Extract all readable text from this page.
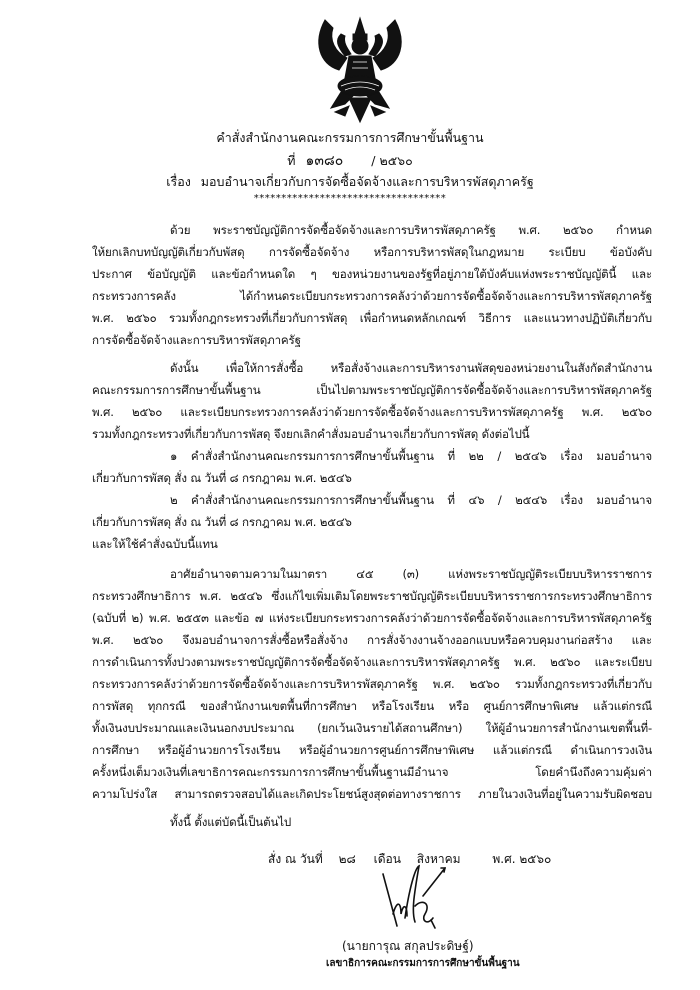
คำสั่งสำนักงานคณะกรรมการการศึกษาขั้นพื้นฐาน
ที่ ๑๓๘๐ / ๒๕๖๐
เรื่อง มอบอำนาจเกี่ยวกับการจัดซื้อจัดจ้างและการบริหารพัสดุภาครัฐ
***********************************
ด้วย พระราชบัญญัติการจัดซื้อจัดจ้างและการบริหารพัสดุภาครัฐ พ.ศ. ๒๕๖๐ กำหนด
ให้ยกเลิกบทบัญญัติเกี่ยวกับพัสดุ การจัดซื้อจัดจ้าง หรือการบริหารพัสดุในกฎหมาย ระเบียบ ข้อบังคับ
ประกาศ ข้อบัญญัติ และข้อกำหนดใด ๆ ของหน่วยงานของรัฐที่อยู่ภายใต้บังคับแห่งพระราชบัญญัตินี้ และ
กระทรวงการคลัง ได้กำหนดระเบียบกระทรวงการคลังว่าด้วยการจัดซื้อจัดจ้างและการบริหารพัสดุภาครัฐ
พ.ศ. ๒๕๖๐ รวมทั้งกฎกระทรวงที่เกี่ยวกับการพัสดุ เพื่อกำหนดหลักเกณฑ์ วิธีการ และแนวทางปฏิบัติเกี่ยวกับ
การจัดซื้อจัดจ้างและการบริหารพัสดุภาครัฐ
ดังนั้น เพื่อให้การสั่งซื้อ หรือสั่งจ้างและการบริหารงานพัสดุของหน่วยงานในสังกัดสำนักงาน
คณะกรรมการการศึกษาขั้นพื้นฐาน เป็นไปตามพระราชบัญญัติการจัดซื้อจัดจ้างและการบริหารพัสดุภาครัฐ
พ.ศ. ๒๕๖๐ และระเบียบกระทรวงการคลังว่าด้วยการจัดซื้อจัดจ้างและการบริหารพัสดุภาครัฐ พ.ศ. ๒๕๖๐
รวมทั้งกฎกระทรวงที่เกี่ยวกับการพัสดุ จึงยกเลิกคำสั่งมอบอำนาจเกี่ยวกับการพัสดุ ดังต่อไปนี้
๑ คำสั่งสำนักงานคณะกรรมการการศึกษาขั้นพื้นฐาน ที่ ๒๒ / ๒๕๔๖ เรื่อง มอบอำนาจ
เกี่ยวกับการพัสดุ สั่ง ณ วันที่ ๘ กรกฎาคม พ.ศ. ๒๕๔๖
๒ คำสั่งสำนักงานคณะกรรมการการศึกษาขั้นพื้นฐาน ที่ ๔๖ / ๒๕๔๖ เรื่อง มอบอำนาจ
เกี่ยวกับการพัสดุ สั่ง ณ วันที่ ๘ กรกฎาคม พ.ศ. ๒๕๔๖
และให้ใช้คำสั่งฉบับนี้แทน
อาศัยอำนาจตามความในมาตรา ๔๕ (๓) แห่งพระราชบัญญัติระเบียบบริหารราชการ
กระทรวงศึกษาธิการ พ.ศ. ๒๕๔๖ ซึ่งแก้ไขเพิ่มเติมโดยพระราชบัญญัติระเบียบบริหารราชการกระทรวงศึกษาธิการ
(ฉบับที่ ๒) พ.ศ. ๒๕๕๓ และข้อ ๗ แห่งระเบียบกระทรวงการคลังว่าด้วยการจัดซื้อจัดจ้างและการบริหารพัสดุภาครัฐ
พ.ศ. ๒๕๖๐ จึงมอบอำนาจการสั่งซื้อหรือสั่งจ้าง การสั่งจ้างงานจ้างออกแบบหรือควบคุมงานก่อสร้าง และ
การดำเนินการทั้งปวงตามพระราชบัญญัติการจัดซื้อจัดจ้างและการบริหารพัสดุภาครัฐ พ.ศ. ๒๕๖๐ และระเบียบ
กระทรวงการคลังว่าด้วยการจัดซื้อจัดจ้างและการบริหารพัสดุภาครัฐ พ.ศ. ๒๕๖๐ รวมทั้งกฎกระทรวงที่เกี่ยวกับ
การพัสดุ ทุกกรณี ของสำนักงานเขตพื้นที่การศึกษา หรือโรงเรียน หรือ ศูนย์การศึกษาพิเศษ แล้วแต่กรณี
ทั้งเงินงบประมาณและเงินนอกงบประมาณ (ยกเว้นเงินรายได้สถานศึกษา) ให้ผู้อำนวยการสำนักงานเขตพื้นที่-
การศึกษา หรือผู้อำนวยการโรงเรียน หรือผู้อำนวยการศูนย์การศึกษาพิเศษ แล้วแต่กรณี ดำเนินการวงเงิน
ครั้งหนึ่งเต็มวงเงินที่เลขาธิการคณะกรรมการการศึกษาขั้นพื้นฐานมีอำนาจ โดยคำนึงถึงความคุ้มค่า
ความโปร่งใส สามารถตรวจสอบได้และเกิดประโยชน์สูงสุดต่อทางราชการ ภายในวงเงินที่อยู่ในความรับผิดชอบ
ทั้งนี้ ตั้งแต่บัดนี้เป็นต้นไป
สั่ง ณ วันที่ ๒๘ เดือน สิงหาคม	พ.ศ. ๒๕๖๐
(นายการุณ สกุลประดิษฐ์)
เลขาธิการคณะกรรมการการศึกษาขั้นพื้นฐาน
